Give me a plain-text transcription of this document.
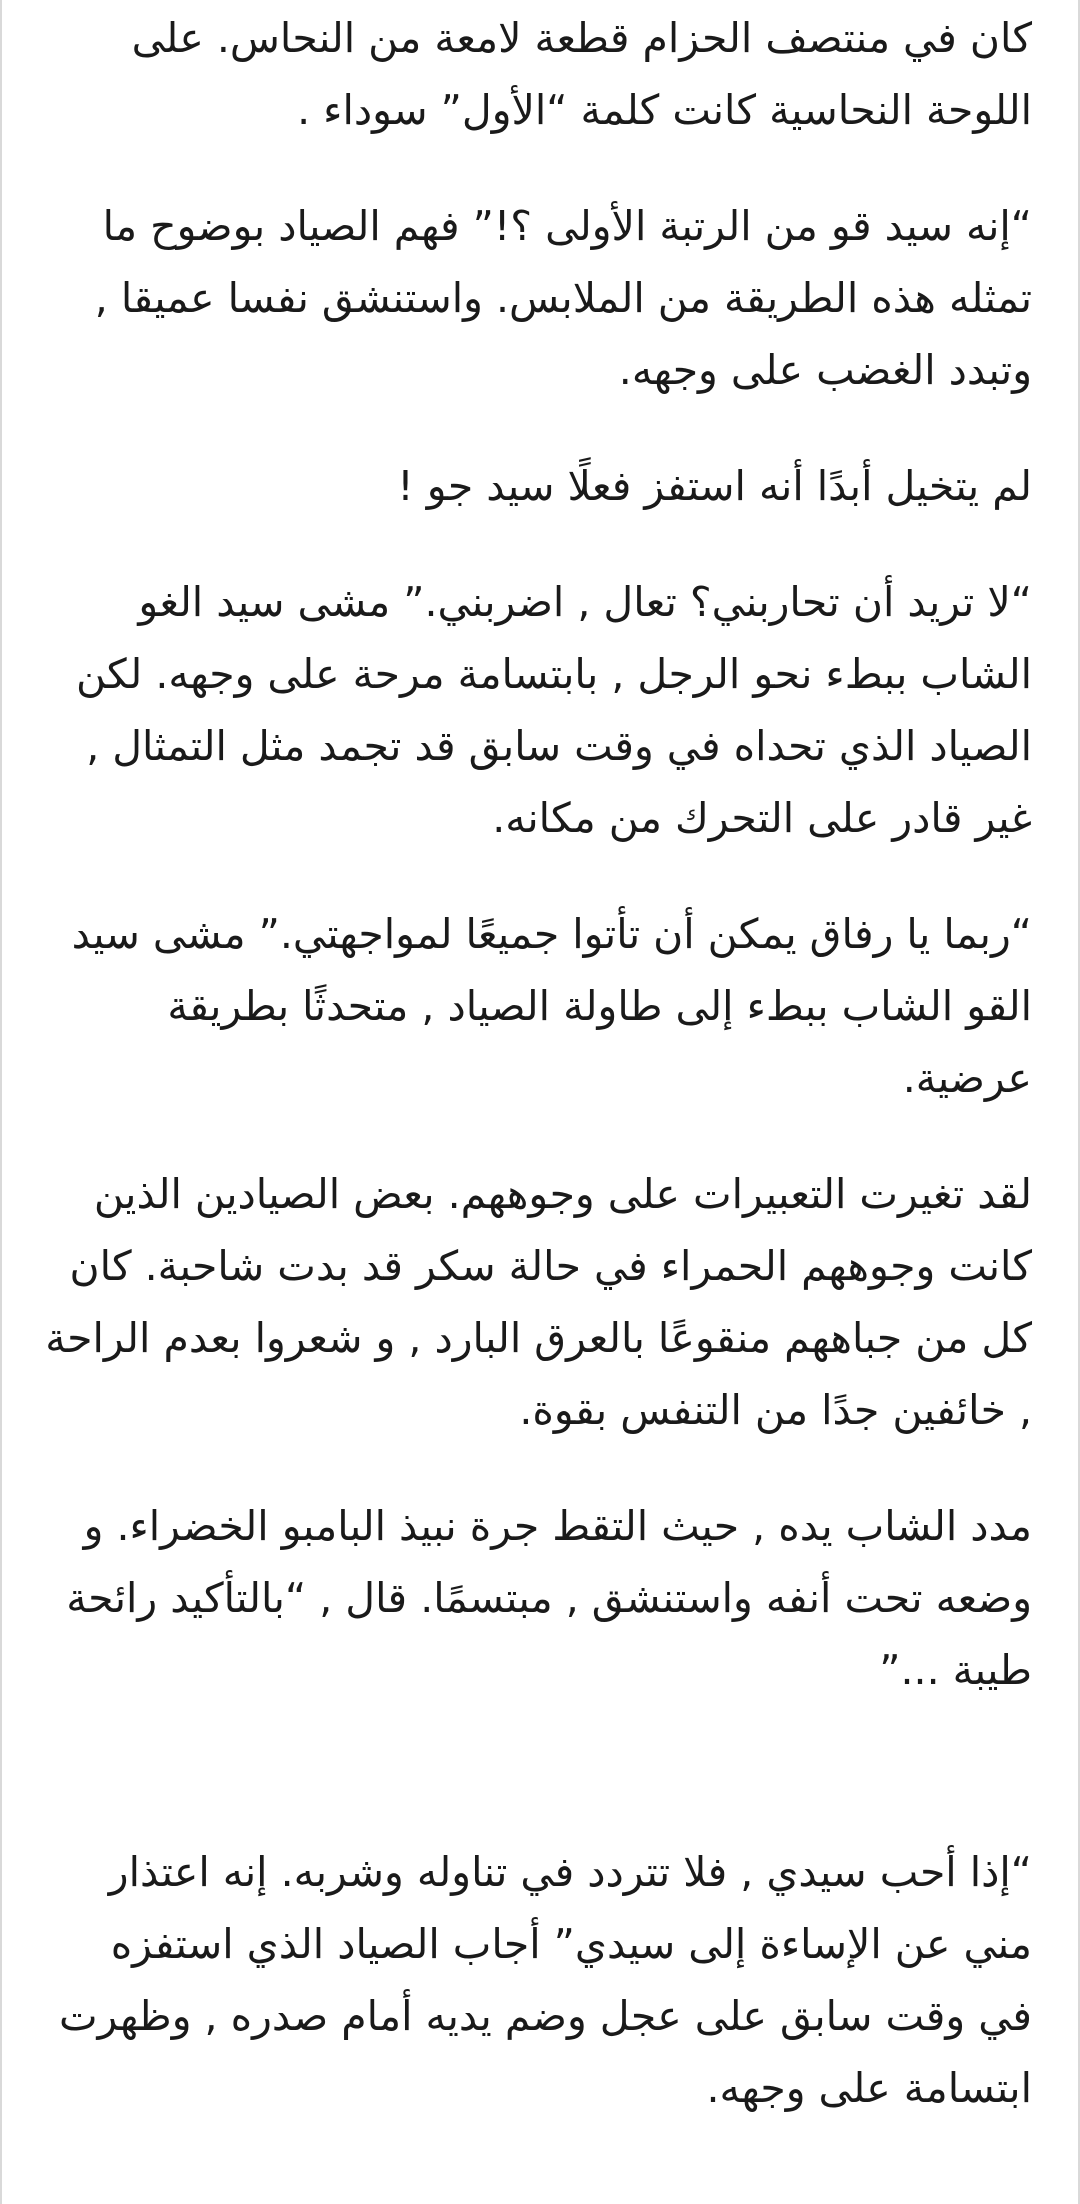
كان في منتصف الحزام قطعة لامعة من النحاس. على اللوحة النحاسية كانت كلمة “الأول” سوداء .

“إنه سيد قو من الرتبة الأولى ؟!” فهم الصياد بوضوح ما تمثله هذه الطريقة من الملابس. واستنشق نفسا عميقا , وتبدد الغضب على وجهه.

لم يتخيل أبدًا أنه استفز فعلًا سيد جو !

“لا تريد أن تحاربني؟ تعال , اضربني.” مشى سيد الغو الشاب ببطء نحو الرجل , بابتسامة مرحة على وجهه. لكن الصياد الذي تحداه في وقت سابق قد تجمد مثل التمثال , غير قادر على التحرك من مكانه.

“ربما يا رفاق يمكن أن تأتوا جميعًا لمواجهتي.” مشى سيد القو الشاب ببطء إلى طاولة الصياد , متحدثًا بطريقة عرضية.

لقد تغيرت التعبيرات على وجوههم. بعض الصيادين الذين كانت وجوههم الحمراء في حالة سكر قد بدت شاحبة. كان كل من جباههم منقوعًا بالعرق البارد , و شعروا بعدم الراحة , خائفين جدًا من التنفس بقوة.

مدد الشاب يده , حيث التقط جرة نبيذ البامبو الخضراء. و وضعه تحت أنفه واستنشق , مبتسمًا. قال , “بالتأكيد رائحة طيبة ...”

“إذا أحب سيدي , فلا تتردد في تناوله وشربه. إنه اعتذار مني عن الإساءة إلى سيدي” أجاب الصياد الذي استفزه في وقت سابق على عجل وضم يديه أمام صدره , وظهرت ابتسامة على وجهه.
